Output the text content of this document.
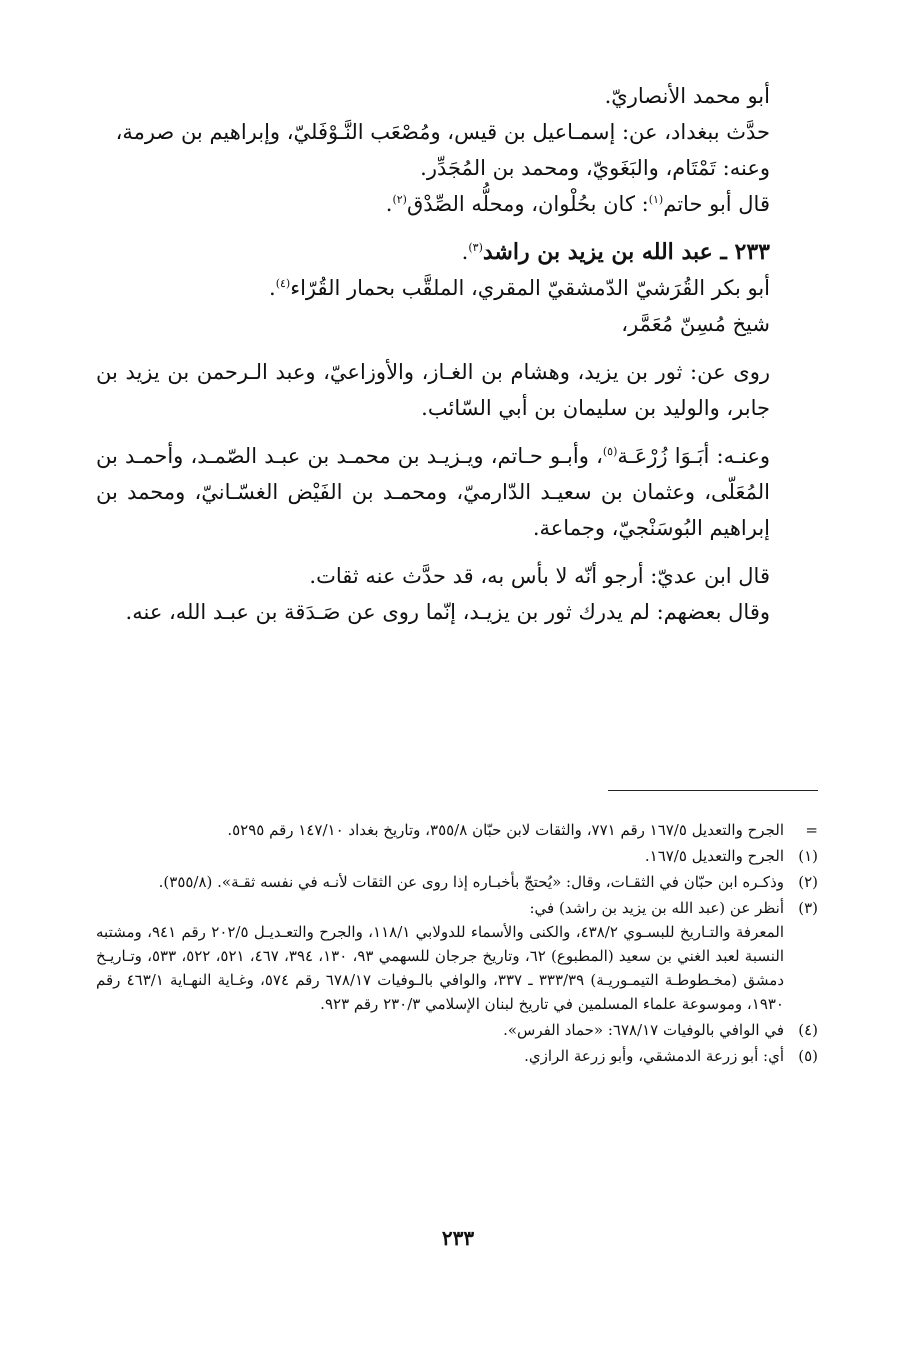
أبو محمد الأنصاريّ.

حدَّث ببغداد، عن: إسمـاعيل بن قيس، ومُصْعَب النَّـوْفَليّ، وإبراهيم بن صرمة،

وعنه: تَمْتَام، والبَغَويّ، ومحمد بن المُجَدِّر.

قال أبو حاتم$^{(١)}$: كان بحُلْوان، ومحلُّه الصِّدْق$^{(٢)}$.

٢٣٣ ـ عبد الله بن يزيد بن راشد$^{(٣)}$.

أبو بكر القُرَشيّ الدّمشقيّ المقري، الملقَّب بحمار القُرّاء$^{(٤)}$.

شيخ مُسِنّ مُعَمَّر،

روى عن: ثور بن يزيد، وهشام بن الغـاز، والأوزاعيّ، وعبد الـرحمن بن يزيد بن جابر، والوليد بن سليمان بن أبي السّائب.

وعنـه: أبَـوَا زُرْعَـة$^{(٥)}$، وأبـو حـاتم، ويـزيـد بن محمـد بن عبـد الصّمـد، وأحمـد بن المُعَلّى، وعثمان بن سعيـد الدّارميّ، ومحمـد بن الفَيْض الغسّـانيّ، ومحمد بن إبراهيم البُوسَنْجيّ، وجماعة.

قال ابن عديّ: أرجو أنّه لا بأس به، قد حدَّث عنه ثقات.

وقال بعضهم: لم يدرك ثور بن يزيـد، إنّما روى عن صَـدَقة بن عبـد الله، عنه.

=
الجرح والتعديل ١٦٧/٥ رقم ٧٧١، والثقات لابن حبّان ٣٥٥/٨، وتاريخ بغداد ١٤٧/١٠ رقم ٥٢٩٥.
(١)
الجرح والتعديل ١٦٧/٥.
(٢)
وذكـره ابن حبّان في الثقـات، وقال: «يُحتجّ بأخبـاره إذا روى عن الثقات لأنـه في نفسه ثقـة». (٣٥٥/٨).
(٣)

أنظر عن (عبد الله بن يزيد بن راشد) في:

المعرفة والتـاريخ للبسـوي ٤٣٨/٢، والكنى والأسماء للدولابي ١١٨/١، والجرح والتعـديـل ٢٠٢/٥ رقم ٩٤١، ومشتبه النسبة لعبد الغني بن سعيد (المطبوع) ٦٢، وتاريخ جرجان للسهمي ٩٣، ١٣٠، ٣٩٤، ٤٦٧، ٥٢١، ٥٢٢، ٥٣٣، وتـاريـخ دمشق (مخـطوطـة التيمـوريـة) ٣٣٣/٣٩ ـ ٣٣٧، والوافي بالـوفيات ٦٧٨/١٧ رقم ٥٧٤، وغـاية النهـاية ٤٦٣/١ رقم ١٩٣٠، وموسوعة علماء المسلمين في تاريخ لبنان الإسلامي ٢٣٠/٣ رقم ٩٢٣.

(٤)
في الوافي بالوفيات ٦٧٨/١٧: «حماد الفرس».
(٥)
أي: أبو زرعة الدمشقي، وأبو زرعة الرازي.
٢٣٣
